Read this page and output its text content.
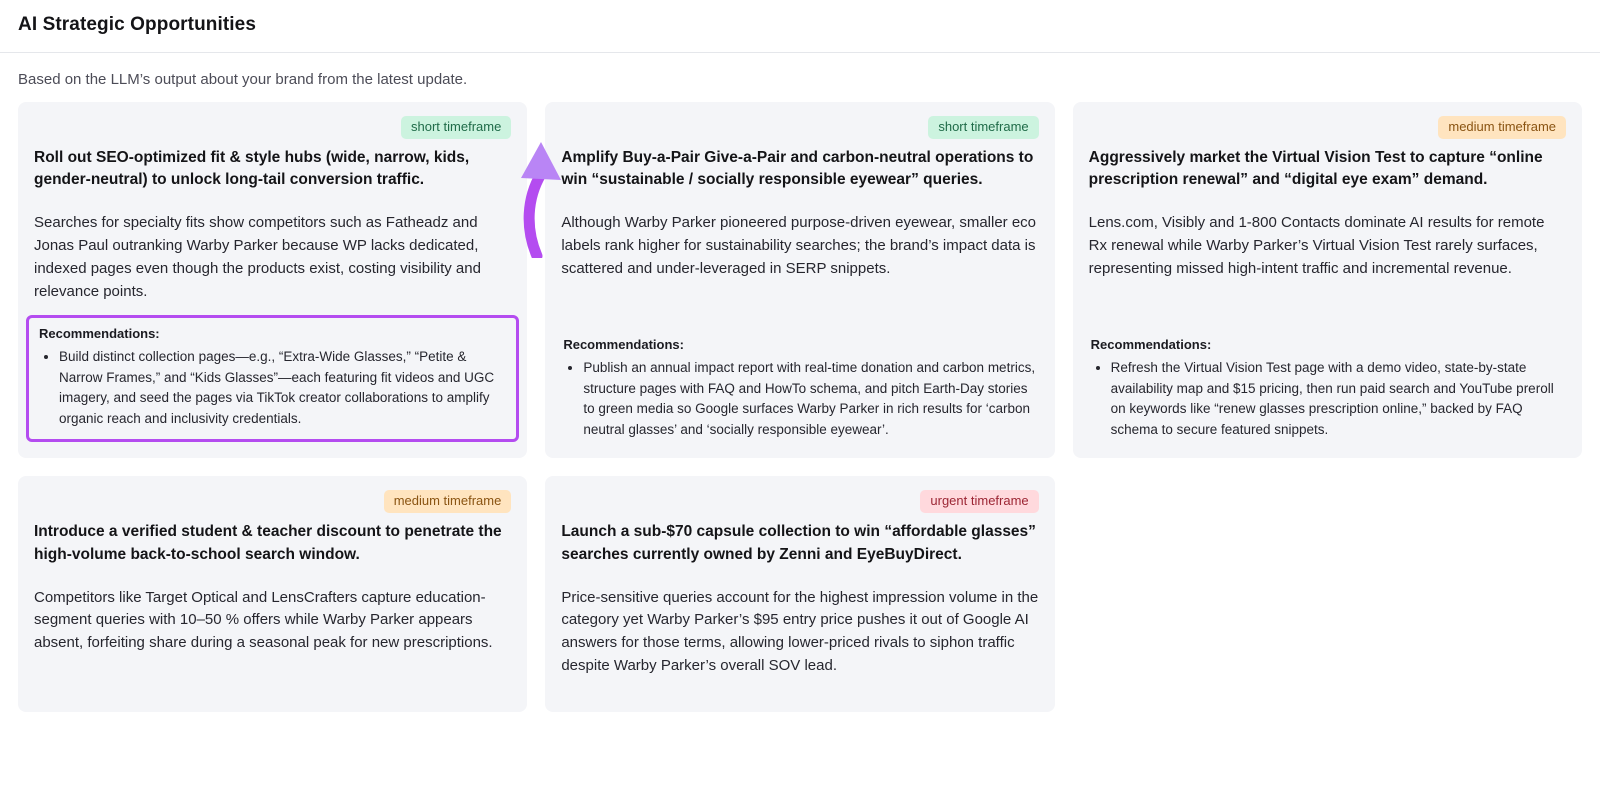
AI Strategic Opportunities
Based on the LLM’s output about your brand from the latest update.
short timeframe
Roll out SEO-optimized fit & style hubs (wide, narrow, kids, gender-neutral) to unlock long-tail conversion traffic.
Searches for specialty fits show competitors such as Fatheadz and Jonas Paul outranking Warby Parker because WP lacks dedicated, indexed pages even though the products exist, costing visibility and relevance points.
Recommendations:
• Build distinct collection pages—e.g., “Extra-Wide Glasses,” “Petite & Narrow Frames,” and “Kids Glasses”—each featuring fit videos and UGC imagery, and seed the pages via TikTok creator collaborations to amplify organic reach and inclusivity credentials.
short timeframe
Amplify Buy-a-Pair Give-a-Pair and carbon-neutral operations to win “sustainable / socially responsible eyewear” queries.
Although Warby Parker pioneered purpose-driven eyewear, smaller eco labels rank higher for sustainability searches; the brand’s impact data is scattered and under-leveraged in SERP snippets.
Recommendations:
• Publish an annual impact report with real-time donation and carbon metrics, structure pages with FAQ and HowTo schema, and pitch Earth-Day stories to green media so Google surfaces Warby Parker in rich results for ‘carbon neutral glasses’ and ‘socially responsible eyewear’.
medium timeframe
Aggressively market the Virtual Vision Test to capture “online prescription renewal” and “digital eye exam” demand.
Lens.com, Visibly and 1-800 Contacts dominate AI results for remote Rx renewal while Warby Parker’s Virtual Vision Test rarely surfaces, representing missed high-intent traffic and incremental revenue.
Recommendations:
• Refresh the Virtual Vision Test page with a demo video, state-by-state availability map and $15 pricing, then run paid search and YouTube preroll on keywords like “renew glasses prescription online,” backed by FAQ schema to secure featured snippets.
medium timeframe
Introduce a verified student & teacher discount to penetrate the high-volume back-to-school search window.
Competitors like Target Optical and LensCrafters capture education-segment queries with 10–50 % offers while Warby Parker appears absent, forfeiting share during a seasonal peak for new prescriptions.
urgent timeframe
Launch a sub-$70 capsule collection to win “affordable glasses” searches currently owned by Zenni and EyeBuyDirect.
Price-sensitive queries account for the highest impression volume in the category yet Warby Parker’s $95 entry price pushes it out of Google AI answers for those terms, allowing lower-priced rivals to siphon traffic despite Warby Parker’s overall SOV lead.
